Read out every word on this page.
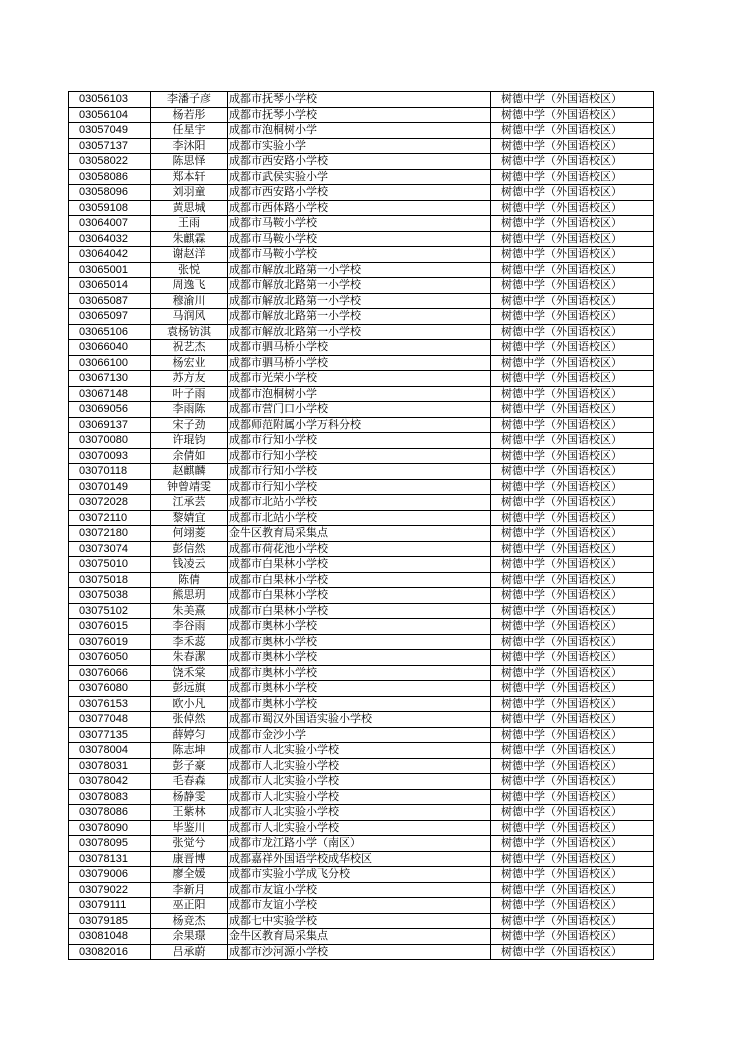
03056103	李潘子彦	成都市抚琴小学校	树德中学（外国语校区）
03056104	杨若彤	成都市抚琴小学校	树德中学（外国语校区）
03057049	任星宇	成都市泡桐树小学	树德中学（外国语校区）
03057137	李沐阳	成都市实验小学	树德中学（外国语校区）
03058022	陈思怿	成都市西安路小学校	树德中学（外国语校区）
03058086	郑本轩	成都市武侯实验小学	树德中学（外国语校区）
03058096	刘羽童	成都市西安路小学校	树德中学（外国语校区）
03059108	黄思城	成都市西体路小学校	树德中学（外国语校区）
03064007	王雨	成都市马鞍小学校	树德中学（外国语校区）
03064032	朱麒霖	成都市马鞍小学校	树德中学（外国语校区）
03064042	谢赵洋	成都市马鞍小学校	树德中学（外国语校区）
03065001	张悦	成都市解放北路第一小学校	树德中学（外国语校区）
03065014	周逸飞	成都市解放北路第一小学校	树德中学（外国语校区）
03065087	穆渝川	成都市解放北路第一小学校	树德中学（外国语校区）
03065097	马润风	成都市解放北路第一小学校	树德中学（外国语校区）
03065106	袁杨钫淇	成都市解放北路第一小学校	树德中学（外国语校区）
03066040	祝艺杰	成都市驷马桥小学校	树德中学（外国语校区）
03066100	杨宏业	成都市驷马桥小学校	树德中学（外国语校区）
03067130	苏方友	成都市光荣小学校	树德中学（外国语校区）
03067148	叶子雨	成都市泡桐树小学	树德中学（外国语校区）
03069056	李雨陈	成都市营门口小学校	树德中学（外国语校区）
03069137	宋子劲	成都师范附属小学万科分校	树德中学（外国语校区）
03070080	许琨钧	成都市行知小学校	树德中学（外国语校区）
03070093	余倩如	成都市行知小学校	树德中学（外国语校区）
03070118	赵麒麟	成都市行知小学校	树德中学（外国语校区）
03070149	钟曾靖雯	成都市行知小学校	树德中学（外国语校区）
03072028	江承芸	成都市北站小学校	树德中学（外国语校区）
03072110	黎婧宜	成都市北站小学校	树德中学（外国语校区）
03072180	何翊菱	金牛区教育局采集点	树德中学（外国语校区）
03073074	彭信然	成都市荷花池小学校	树德中学（外国语校区）
03075010	钱凌云	成都市白果林小学校	树德中学（外国语校区）
03075018	陈倩	成都市白果林小学校	树德中学（外国语校区）
03075038	熊思玥	成都市白果林小学校	树德中学（外国语校区）
03075102	朱美熹	成都市白果林小学校	树德中学（外国语校区）
03076015	李谷雨	成都市奥林小学校	树德中学（外国语校区）
03076019	李禾蕊	成都市奥林小学校	树德中学（外国语校区）
03076050	朱春潔	成都市奥林小学校	树德中学（外国语校区）
03076066	饶禾棠	成都市奥林小学校	树德中学（外国语校区）
03076080	彭远旗	成都市奥林小学校	树德中学（外国语校区）
03076153	欧小凡	成都市奥林小学校	树德中学（外国语校区）
03077048	张倬然	成都市蜀汉外国语实验小学校	树德中学（外国语校区）
03077135	薛婷匀	成都市金沙小学	树德中学（外国语校区）
03078004	陈志坤	成都市人北实验小学校	树德中学（外国语校区）
03078031	彭子豪	成都市人北实验小学校	树德中学（外国语校区）
03078042	毛春森	成都市人北实验小学校	树德中学（外国语校区）
03078083	杨静雯	成都市人北实验小学校	树德中学（外国语校区）
03078086	王紫林	成都市人北实验小学校	树德中学（外国语校区）
03078090	毕鉴川	成都市人北实验小学校	树德中学（外国语校区）
03078095	张觉兮	成都市龙江路小学（南区）	树德中学（外国语校区）
03078131	康晋博	成都嘉祥外国语学校成华校区	树德中学（外国语校区）
03079006	廖全媛	成都市实验小学成飞分校	树德中学（外国语校区）
03079022	李新月	成都市友谊小学校	树德中学（外国语校区）
03079111	巫正阳	成都市友谊小学校	树德中学（外国语校区）
03079185	杨竞杰	成都七中实验学校	树德中学（外国语校区）
03081048	余果璟	金牛区教育局采集点	树德中学（外国语校区）
03082016	吕承蔚	成都市沙河源小学校	树德中学（外国语校区）
